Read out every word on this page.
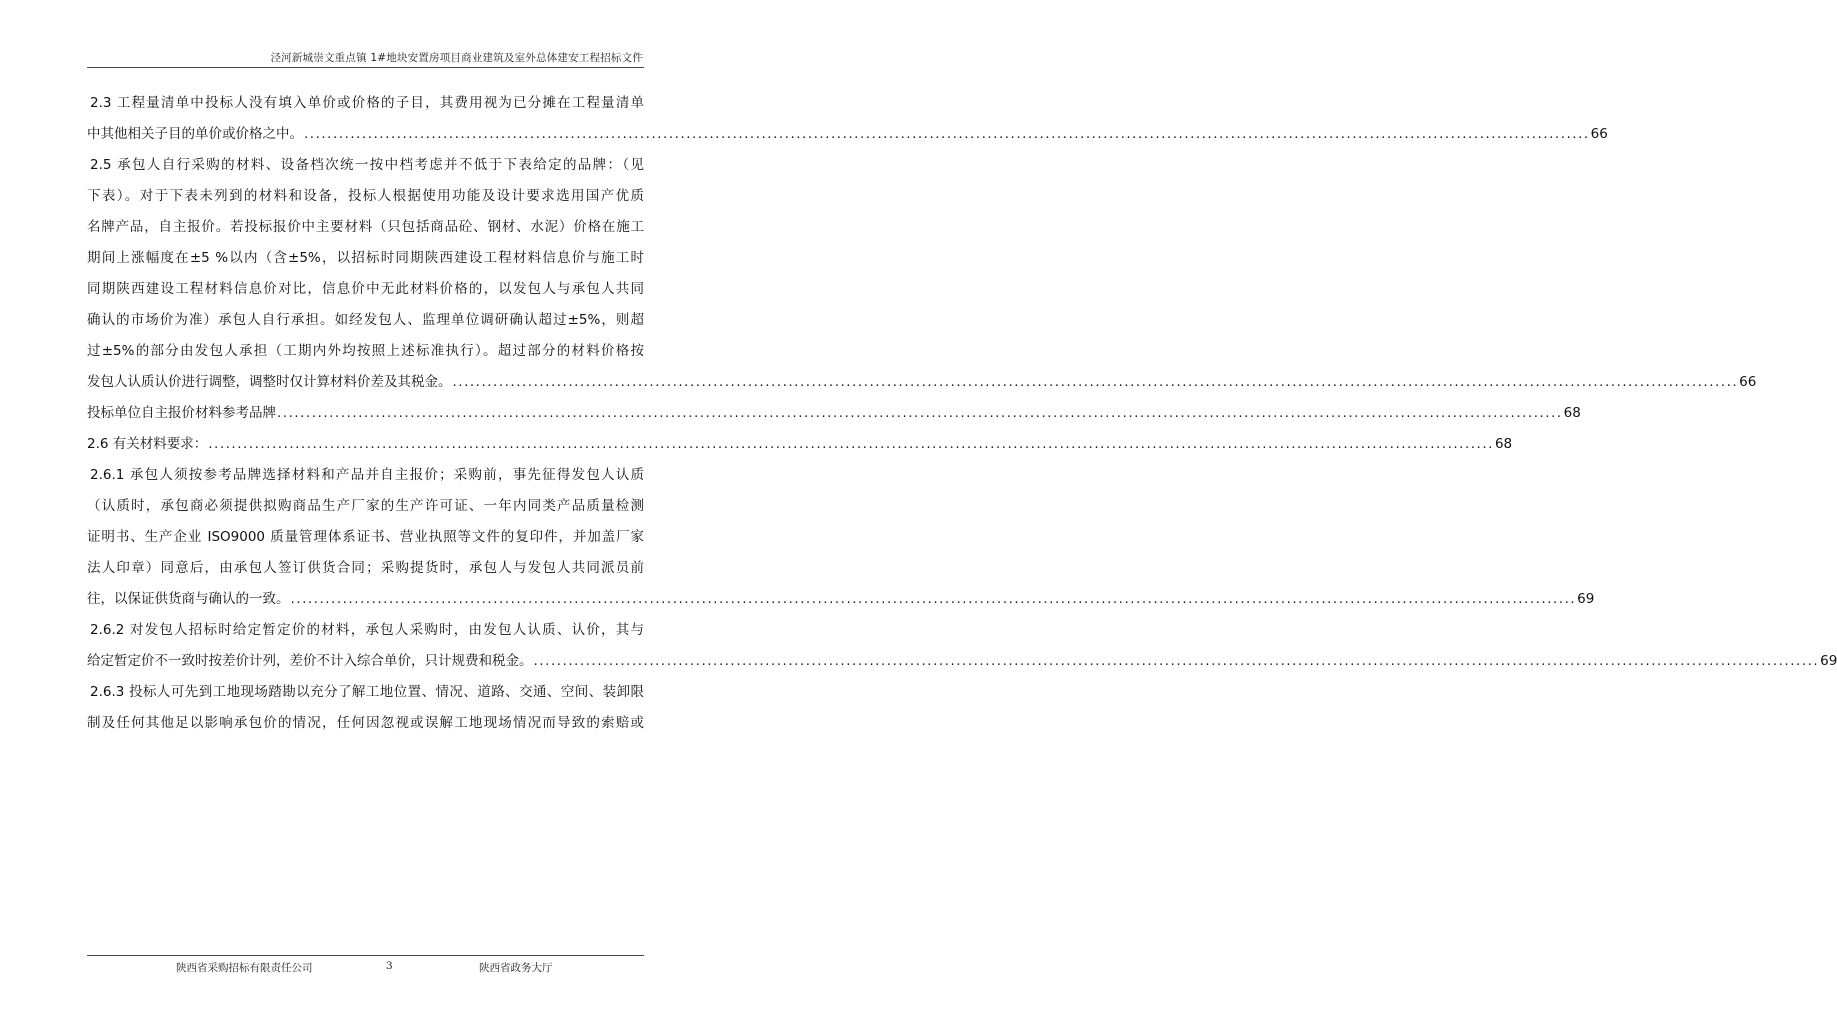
泾河新城崇文重点镇 1#地块安置房项目商业建筑及室外总体建安工程招标文件
2.3 工程量清单中投标人没有填入单价或价格的子目，其费用视为已分摊在工程量清单
中其他相关子目的单价或价格之中。 .....	66
2.5 承包人自行采购的材料、设备档次统一按中档考虑并不低于下表给定的品牌：（见
下表）。对于下表未列到的材料和设备，投标人根据使用功能及设计要求选用国产优质
名牌产品，自主报价。若投标报价中主要材料（只包括商品砼、钢材、水泥）价格在施工
期间上涨幅度在±5 %以内（含±5%，以招标时同期陕西建设工程材料信息价与施工时
同期陕西建设工程材料信息价对比，信息价中无此材料价格的，以发包人与承包人共同
确认的市场价为准）承包人自行承担。如经发包人、监理单位调研确认超过±5%，则超
过±5%的部分由发包人承担（工期内外均按照上述标准执行）。超过部分的材料价格按
发包人认质认价进行调整，调整时仅计算材料价差及其税金。 .....	66
投标单位自主报价材料参考品牌 .....	68
2.6 有关材料要求： .....	68
2.6.1 承包人须按参考品牌选择材料和产品并自主报价；采购前，事先征得发包人认质
（认质时，承包商必须提供拟购商品生产厂家的生产许可证、一年内同类产品质量检测
证明书、生产企业 ISO9000 质量管理体系证书、营业执照等文件的复印件，并加盖厂家
法人印章）同意后，由承包人签订供货合同；采购提货时，承包人与发包人共同派员前
往，以保证供货商与确认的一致。 .....	69
2.6.2 对发包人招标时给定暂定价的材料，承包人采购时，由发包人认质、认价，其与
给定暂定价不一致时按差价计列，差价不计入综合单价，只计规费和税金。 .....	69
2.6.3 投标人可先到工地现场踏勘以充分了解工地位置、情况、道路、交通、空间、装卸限
制及任何其他足以影响承包价的情况，任何因忽视或误解工地现场情况而导致的索赔或
陕西省采购招标有限责任公司	3	陕西省政务大厅
